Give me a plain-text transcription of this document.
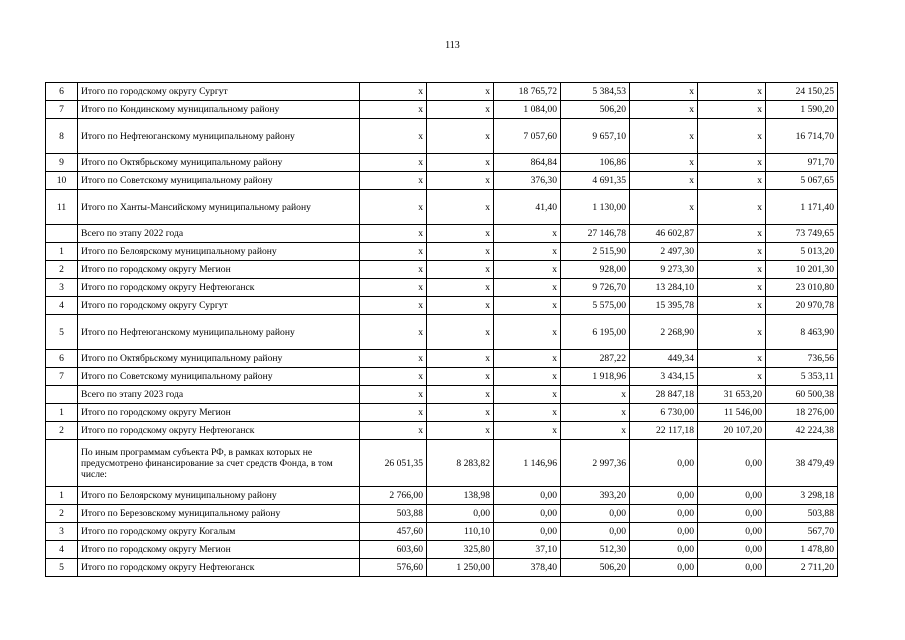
113
6	Итого по городскому округу Сургут	x	x	18 765,72	5 384,53	x	x	24 150,25
7	Итого по Кондинскому муниципальному району	x	x	1 084,00	506,20	x	x	1 590,20
8	Итого по Нефтеюганскому муниципальному району	x	x	7 057,60	9 657,10	x	x	16 714,70
9	Итого по Октябрьскому муниципальному району	x	x	864,84	106,86	x	x	971,70
10	Итого по Советскому муниципальному району	x	x	376,30	4 691,35	x	x	5 067,65
11	Итого по Ханты-Мансийскому муниципальному району	x	x	41,40	1 130,00	x	x	1 171,40
	Всего по этапу 2022 года	x	x	x	27 146,78	46 602,87	x	73 749,65
1	Итого по Белоярскому муниципальному району	x	x	x	2 515,90	2 497,30	x	5 013,20
2	Итого по городскому округу Мегион	x	x	x	928,00	9 273,30	x	10 201,30
3	Итого по городскому округу Нефтеюганск	x	x	x	9 726,70	13 284,10	x	23 010,80
4	Итого по городскому округу Сургут	x	x	x	5 575,00	15 395,78	x	20 970,78
5	Итого по Нефтеюганскому муниципальному району	x	x	x	6 195,00	2 268,90	x	8 463,90
6	Итого по Октябрьскому муниципальному району	x	x	x	287,22	449,34	x	736,56
7	Итого по Советскому муниципальному району	x	x	x	1 918,96	3 434,15	x	5 353,11
	Всего по этапу 2023 года	x	x	x	x	28 847,18	31 653,20	60 500,38
1	Итого по городскому округу Мегион	x	x	x	x	6 730,00	11 546,00	18 276,00
2	Итого по городскому округу Нефтеюганск	x	x	x	x	22 117,18	20 107,20	42 224,38
	По иным программам субъекта РФ, в рамках которых не предусмотрено финансирование за счет средств Фонда, в том числе:	26 051,35	8 283,82	1 146,96	2 997,36	0,00	0,00	38 479,49
1	Итого по Белоярскому муниципальному району	2 766,00	138,98	0,00	393,20	0,00	0,00	3 298,18
2	Итого по Березовскому муниципальному району	503,88	0,00	0,00	0,00	0,00	0,00	503,88
3	Итого по городскому округу Когалым	457,60	110,10	0,00	0,00	0,00	0,00	567,70
4	Итого по городскому округу Мегион	603,60	325,80	37,10	512,30	0,00	0,00	1 478,80
5	Итого по городскому округу Нефтеюганск	576,60	1 250,00	378,40	506,20	0,00	0,00	2 711,20
